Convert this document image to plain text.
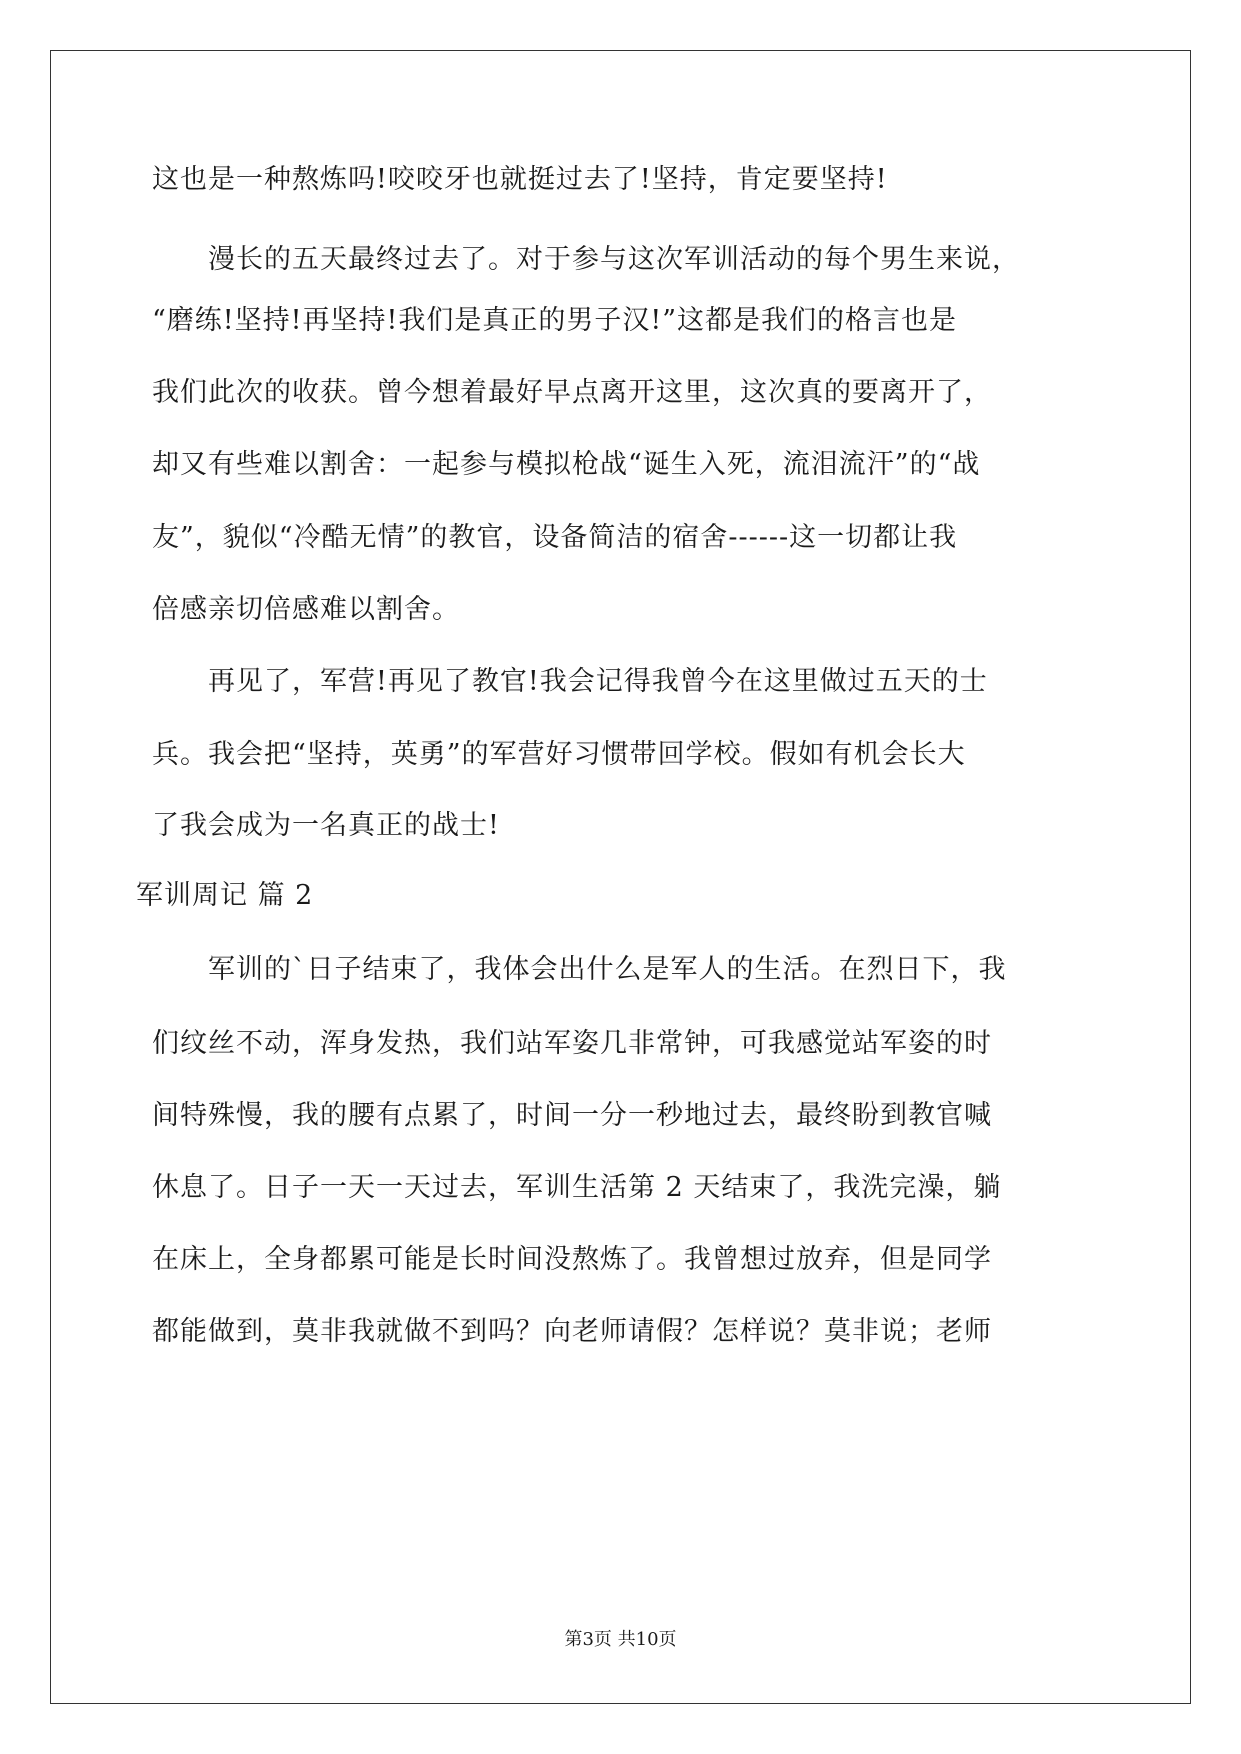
这也是一种熬炼吗!咬咬牙也就挺过去了!坚持，肯定要坚持!
漫长的五天最终过去了。对于参与这次军训活动的每个男生来说，
“磨练!坚持!再坚持!我们是真正的男子汉!”这都是我们的格言也是
我们此次的收获。曾今想着最好早点离开这里，这次真的要离开了，
却又有些难以割舍：一起参与模拟枪战“诞生入死，流泪流汗”的“战
友”，貌似“冷酷无情”的教官，设备简洁的宿舍------这一切都让我
倍感亲切倍感难以割舍。
再见了，军营!再见了教官!我会记得我曾今在这里做过五天的士
兵。我会把“坚持，英勇”的军营好习惯带回学校。假如有机会长大
了我会成为一名真正的战士!
军训周记 篇 2
军训的`日子结束了，我体会出什么是军人的生活。在烈日下，我
们纹丝不动，浑身发热，我们站军姿几非常钟，可我感觉站军姿的时
间特殊慢，我的腰有点累了，时间一分一秒地过去，最终盼到教官喊
休息了。日子一天一天过去，军训生活第 2 天结束了，我洗完澡，躺
在床上，全身都累可能是长时间没熬炼了。我曾想过放弃，但是同学
都能做到，莫非我就做不到吗？向老师请假？怎样说？莫非说；老师
第3页 共10页
